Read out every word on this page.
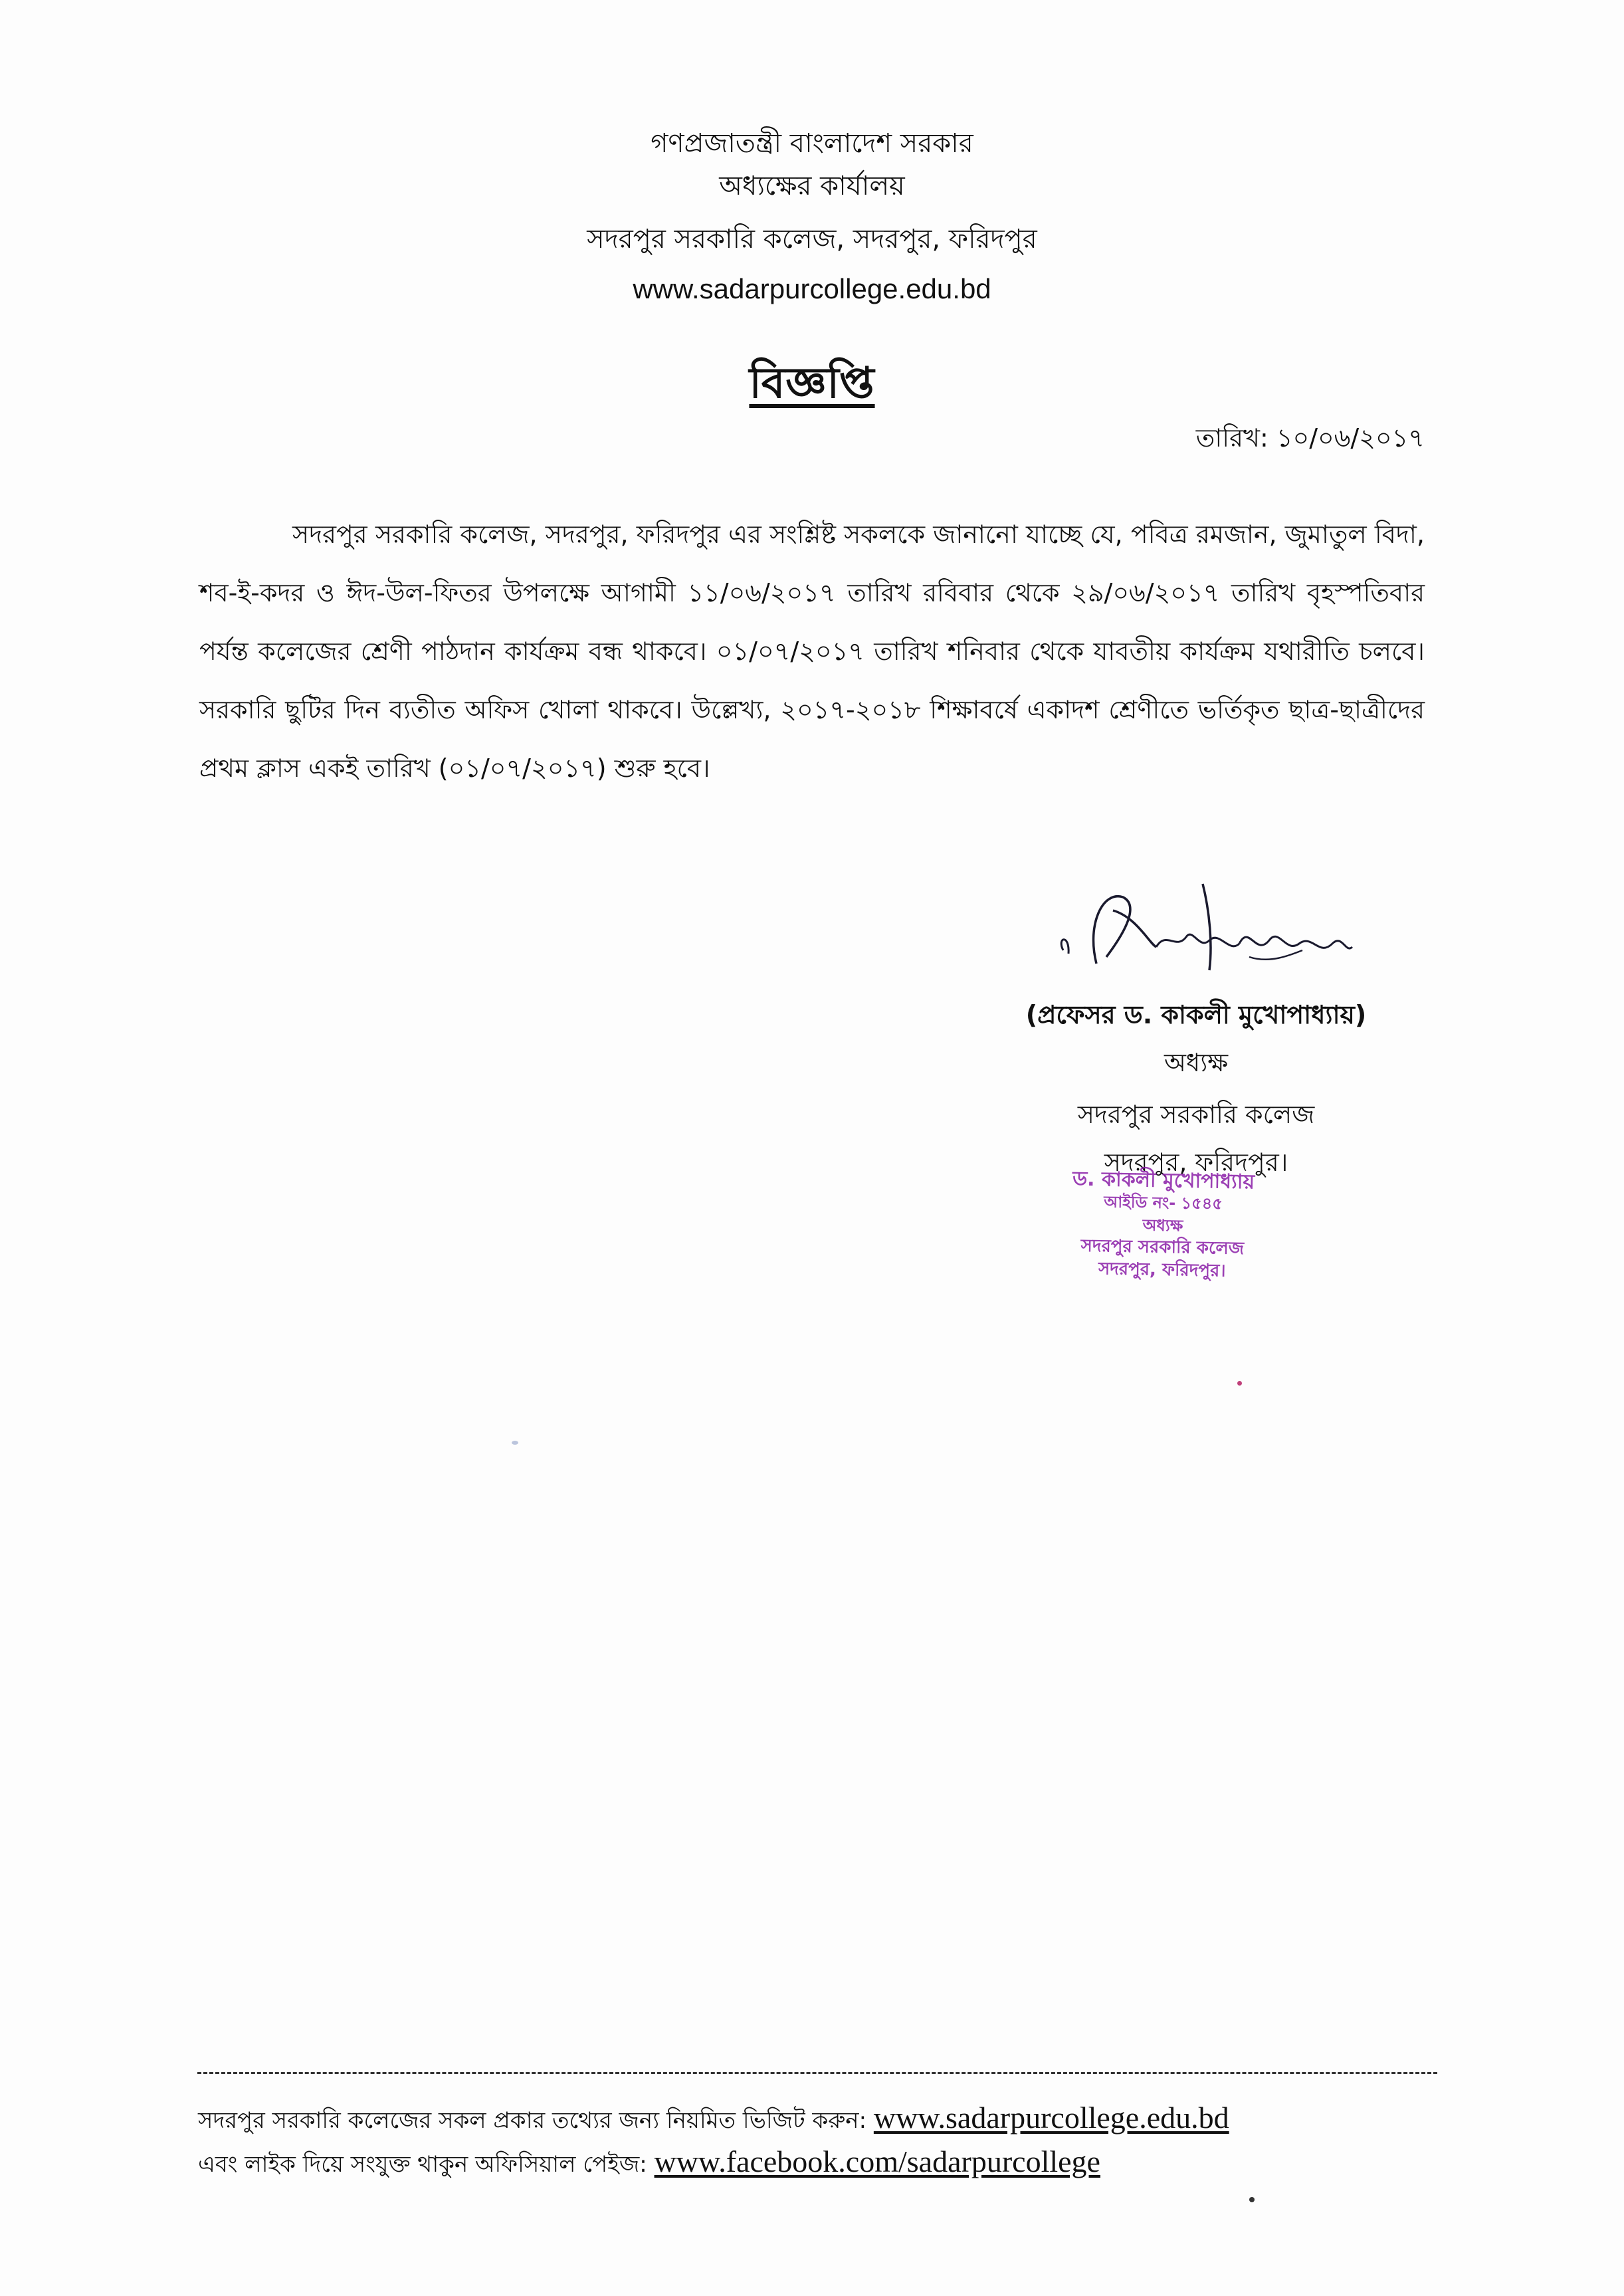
গণপ্রজাতন্ত্রী বাংলাদেশ সরকার
অধ্যক্ষের কার্যালয়
সদরপুর সরকারি কলেজ, সদরপুর, ফরিদপুর
www.sadarpurcollege.edu.bd
বিজ্ঞপ্তি
তারিখ: ১০/০৬/২০১৭
সদরপুর সরকারি কলেজ, সদরপুর, ফরিদপুর এর সংশ্লিষ্ট সকলকে জানানো যাচ্ছে যে, পবিত্র রমজান, জুমাতুল বিদা, শব-ই-কদর ও ঈদ-উল-ফিতর উপলক্ষে আগামী ১১/০৬/২০১৭ তারিখ রবিবার থেকে ২৯/০৬/২০১৭ তারিখ বৃহস্পতিবার পর্যন্ত কলেজের শ্রেণী পাঠদান কার্যক্রম বন্ধ থাকবে। ০১/০৭/২০১৭ তারিখ শনিবার থেকে যাবতীয় কার্যক্রম যথারীতি চলবে। সরকারি ছুটির দিন ব্যতীত অফিস খোলা থাকবে। উল্লেখ্য, ২০১৭-২০১৮ শিক্ষাবর্ষে একাদশ শ্রেণীতে ভর্তিকৃত ছাত্র-ছাত্রীদের প্রথম ক্লাস একই তারিখ (০১/০৭/২০১৭) শুরু হবে।
(প্রফেসর ড. কাকলী মুখোপাধ্যায়)
অধ্যক্ষ
সদরপুর সরকারি কলেজ
সদরপুর, ফরিদপুর।
ড. কাকলী মুখোপাধ্যায়
আইডি নং- ১৫৪৫
অধ্যক্ষ
সদরপুর সরকারি কলেজ
সদরপুর, ফরিদপুর।
সদরপুর সরকারি কলেজের সকল প্রকার তথ্যের জন্য নিয়মিত ভিজিট করুন: www.sadarpurcollege.edu.bd
এবং লাইক দিয়ে সংযুক্ত থাকুন অফিসিয়াল পেইজ: www.facebook.com/sadarpurcollege
